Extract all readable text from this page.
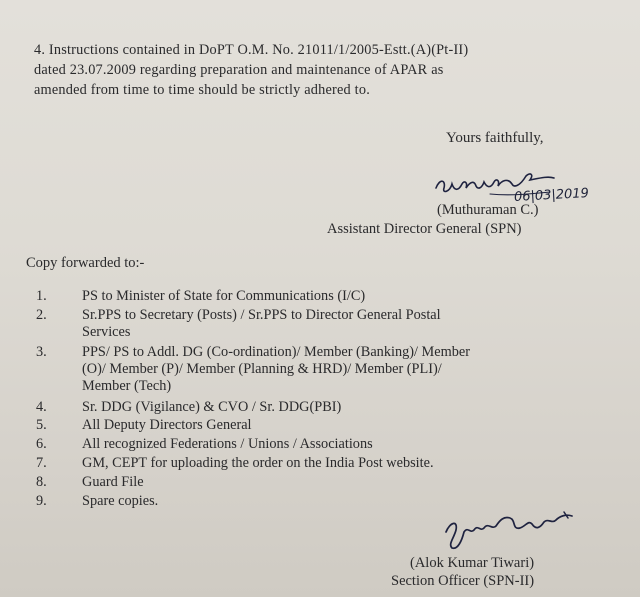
4. Instructions contained in DoPT O.M. No. 21011/1/2005-Estt.(A)(Pt-II)
dated 23.07.2009 regarding preparation and maintenance of APAR as
amended from time to time should be strictly adhered to.
Yours faithfully,
06|03|2019
(Muthuraman C.)
Assistant Director General (SPN)
Copy forwarded to:-
1.	PS to Minister of State for Communications (I/C)
2.	Sr.PPS to Secretary (Posts) / Sr.PPS to Director General Postal
Services
3.	PPS/ PS to Addl. DG (Co-ordination)/ Member (Banking)/ Member
(O)/ Member (P)/ Member (Planning & HRD)/ Member (PLI)/
Member (Tech)
4.	Sr. DDG (Vigilance) & CVO / Sr. DDG(PBI)
5.	All Deputy Directors General
6.	All recognized Federations / Unions / Associations
7.	GM, CEPT for uploading the order on the India Post website.
8.	Guard File
9.	Spare copies.
(Alok Kumar Tiwari)
Section Officer (SPN-II)
